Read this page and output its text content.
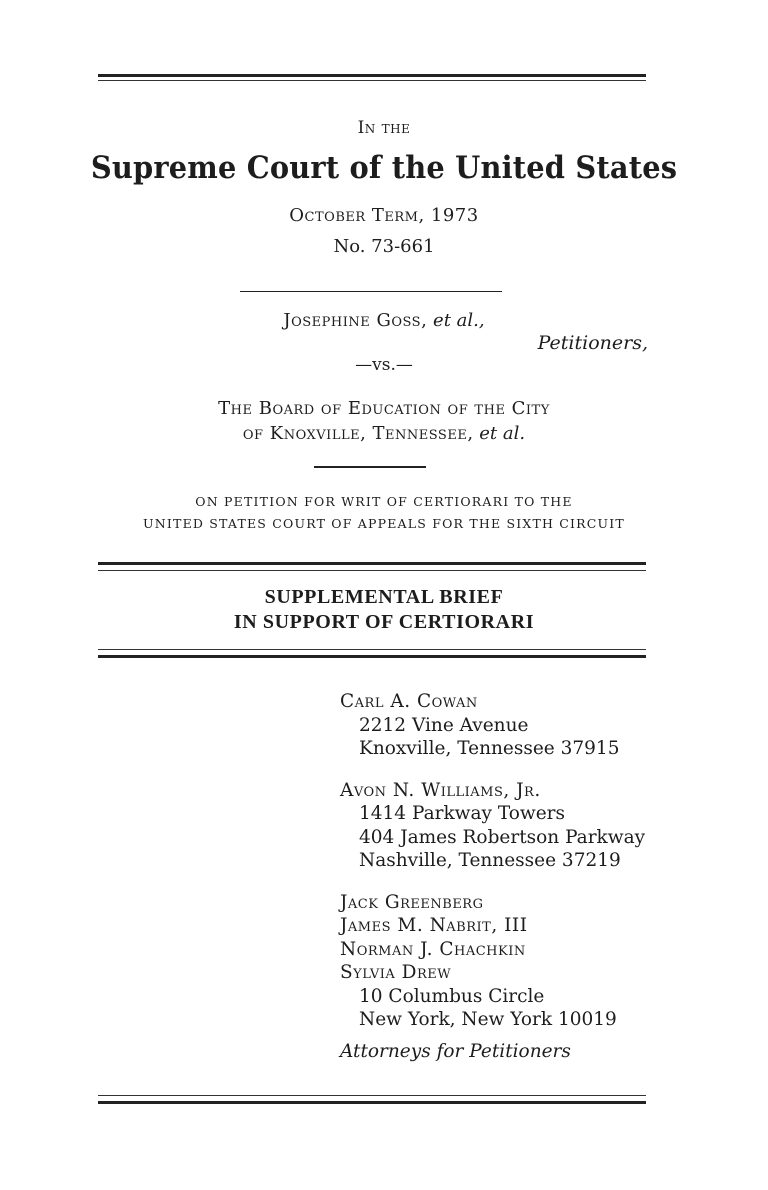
In the
Supreme Court of the United States
October Term, 1973
No. 73-661
Josephine Goss, et al.,
Petitioners,
—vs.—
The Board of Education of the City
of Knoxville, Tennessee, et al.
ON PETITION FOR WRIT OF CERTIORARI TO THE
UNITED STATES COURT OF APPEALS FOR THE SIXTH CIRCUIT
SUPPLEMENTAL BRIEF
IN SUPPORT OF CERTIORARI
Carl A. Cowan
2212 Vine Avenue
Knoxville, Tennessee 37915
Avon N. Williams, Jr.
1414 Parkway Towers
404 James Robertson Parkway
Nashville, Tennessee 37219
Jack Greenberg
James M. Nabrit, III
Norman J. Chachkin
Sylvia Drew
10 Columbus Circle
New York, New York 10019
Attorneys for Petitioners
